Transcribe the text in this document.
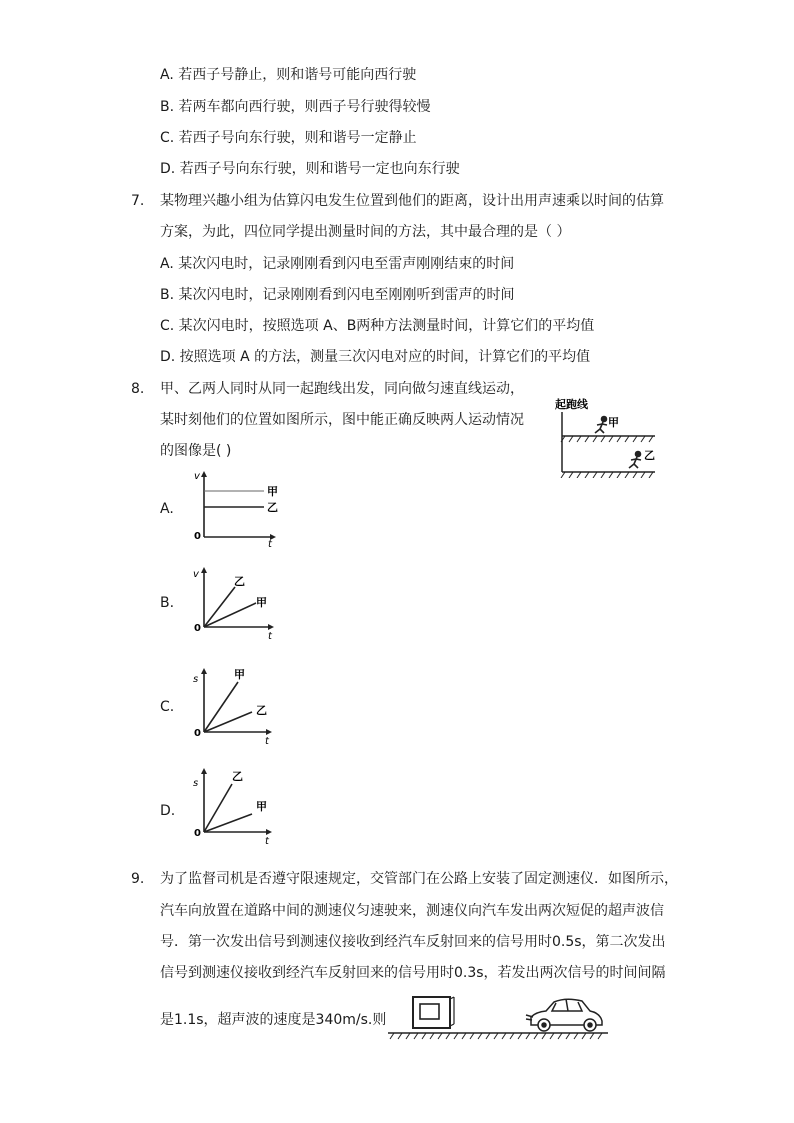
A. 若西子号静止，则和谐号可能向西行驶
B. 若两车都向西行驶，则西子号行驶得较慢
C. 若西子号向东行驶，则和谐号一定静止
D. 若西子号向东行驶，则和谐号一定也向东行驶
7. 某物理兴趣小组为估算闪电发生位置到他们的距离，设计出用声速乘以时间的估算
方案，为此，四位同学提出测量时间的方法，其中最合理的是（ ）
A. 某次闪电时，记录刚刚看到闪电至雷声刚刚结束的时间
B. 某次闪电时，记录刚刚看到闪电至刚刚听到雷声的时间
C. 某次闪电时，按照选项 A、B两种方法测量时间，计算它们的平均值
D. 按照选项 A 的方法，测量三次闪电对应的时间，计算它们的平均值
8. 甲、乙两人同时从同一起跑线出发，同向做匀速直线运动，
某时刻他们的位置如图所示，图中能正确反映两人运动情况
的图像是( )
起跑线
甲
乙
A.
v
t
0
甲
乙
B.
v
t
0
乙
甲
C.
s
t
0
甲
乙
D.
s
t
0
乙
甲
9. 为了监督司机是否遵守限速规定，交管部门在公路上安装了固定测速仪．如图所示，
汽车向放置在道路中间的测速仪匀速驶来，测速仪向汽车发出两次短促的超声波信
号．第一次发出信号到测速仪接收到经汽车反射回来的信号用时0.5s，第二次发出
信号到测速仪接收到经汽车反射回来的信号用时0.3s，若发出两次信号的时间间隔
是1.1s，超声波的速度是340m/s.则
